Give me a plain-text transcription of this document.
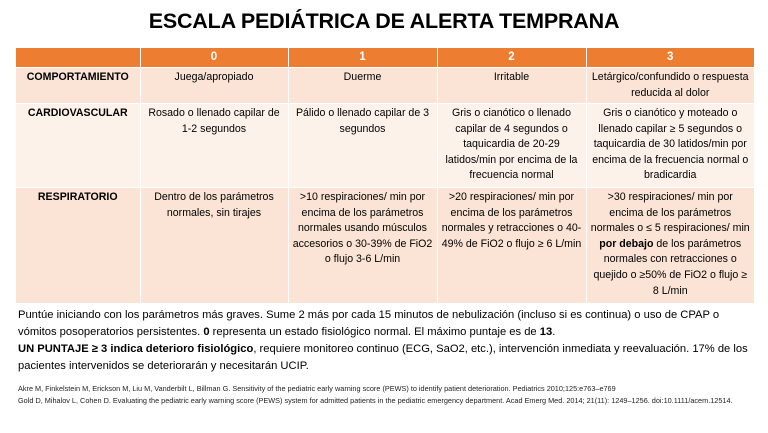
ESCALA PEDIÁTRICA DE ALERTA TEMPRANA
	0	1	2	3
COMPORTAMIENTO	Juega/apropiado	Duerme	Irritable	Letárgico/confundido o respuesta reducida al dolor
CARDIOVASCULAR	Rosado o llenado capilar de 1-2 segundos	Pálido o llenado capilar de 3 segundos	Gris o cianótico o llenado capilar de 4 segundos o taquicardia de 20-29 latidos/min por encima de la frecuencia normal	Gris o cianótico y moteado o llenado capilar ≥ 5 segundos o taquicardia de 30 latidos/min por encima de la frecuencia normal o bradicardia
RESPIRATORIO	Dentro de los parámetros normales, sin tirajes	>10 respiraciones/ min por encima de los parámetros normales usando músculos accesorios o 30-39% de FiO2 o flujo 3-6 L/min	>20 respiraciones/ min por encima de los parámetros normales y retracciones o 40-49% de FiO2 o flujo ≥ 6 L/min	>30 respiraciones/ min por encima de los parámetros normales o ≤ 5 respiraciones/ min por debajo de los parámetros normales con retracciones o quejido o ≥50% de FiO2 o flujo ≥ 8 L/min

Puntúe iniciando con los parámetros más graves. Sume 2 más por cada 15 minutos de nebulización (incluso si es continua) o uso de CPAP o vómitos posoperatorios persistentes. 0 representa un estado fisiológico normal. El máximo puntaje es de 13.

UN PUNTAJE ≥ 3 indica deterioro fisiológico, requiere monitoreo continuo (ECG, SaO2, etc.), intervención inmediata y reevaluación. 17% de los pacientes intervenidos se deteriorarán y necesitarán UCIP.

Akre M, Finkelstein M, Erickson M, Liu M, Vanderbilt L, Billman G. Sensitivity of the pediatric early warning score (PEWS) to identify patient deterioration. Pediatrics 2010;125:e763–e769

Gold D, Mihalov L, Cohen D. Evaluating the pediatric early warning score (PEWS) system for admitted patients in the pediatric emergency department. Acad Emerg Med. 2014; 21(11): 1249–1256. doi:10.1111/acem.12514.
